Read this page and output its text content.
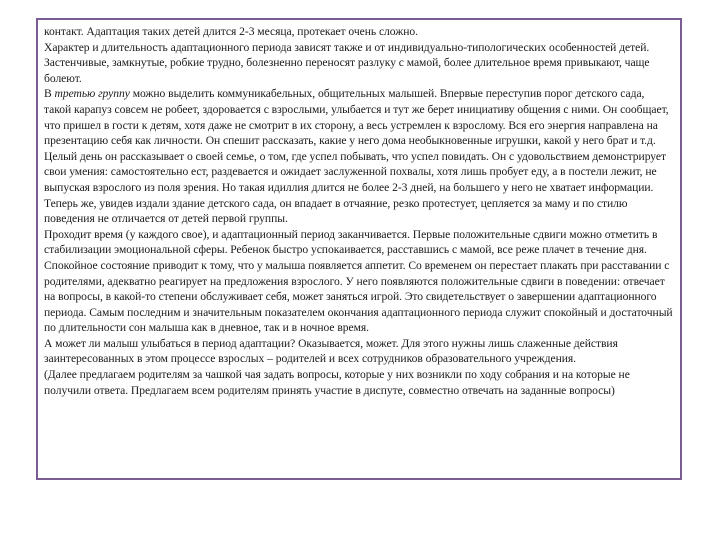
контакт. Адаптация таких детей длится 2-3 месяца, протекает очень сложно.

Характер и длительность адаптационного периода зависят также и от индивидуально-типологических особенностей детей. Застенчивые, замкнутые, робкие трудно, болезненно переносят разлуку с мамой, более длительное время привыкают, чаще болеют.

В третью группу можно выделить коммуникабельных, общительных малышей. Впервые переступив порог детского сада, такой карапуз совсем не робеет, здоровается с взрослыми, улыбается и тут же берет инициативу общения с ними. Он сообщает, что пришел в гости к детям, хотя даже не смотрит в их сторону, а весь устремлен к взрослому. Вся его энергия направлена на презентацию себя как личности. Он спешит рассказать, какие у него дома необыкновенные игрушки, какой у него брат и т.д. Целый день он рассказывает о своей семье, о том, где успел побывать, что успел повидать. Он с удовольствием демонстрирует свои умения: самостоятельно ест, раздевается и ожидает заслуженной похвалы, хотя лишь пробует еду, а в постели лежит, не выпуская взрослого из поля зрения. Но такая идиллия длится не более 2-3 дней, на большего у него не хватает информации. Теперь же, увидев издали здание детского сада, он впадает в отчаяние, резко протестует, цепляется за маму и по стилю поведения не отличается от детей первой группы.

Проходит время (у каждого свое), и адаптационный период заканчивается. Первые положительные сдвиги можно отметить в стабилизации эмоциональной сферы. Ребенок быстро успокаивается, расставшись с мамой, все реже плачет в течение дня. Спокойное состояние приводит к тому, что у малыша появляется аппетит. Со временем он перестает плакать при расставании с родителями, адекватно реагирует на предложения взрослого. У него появляются положительные сдвиги в поведении: отвечает на вопросы, в какой-то степени обслуживает себя, может заняться игрой. Это свидетельствует о завершении адаптационного периода. Самым последним и значительным показателем окончания адаптационного периода служит спокойный и достаточный по длительности сон малыша как в дневное, так и в ночное время.

А может ли малыш улыбаться в период адаптации? Оказывается, может. Для этого нужны лишь слаженные действия заинтересованных в этом процессе взрослых – родителей и всех сотрудников образовательного учреждения.

(Далее предлагаем родителям за чашкой чая задать вопросы, которые у них возникли по ходу собрания и на которые не получили ответа. Предлагаем всем родителям принять участие в диспуте, совместно отвечать на заданные вопросы)
